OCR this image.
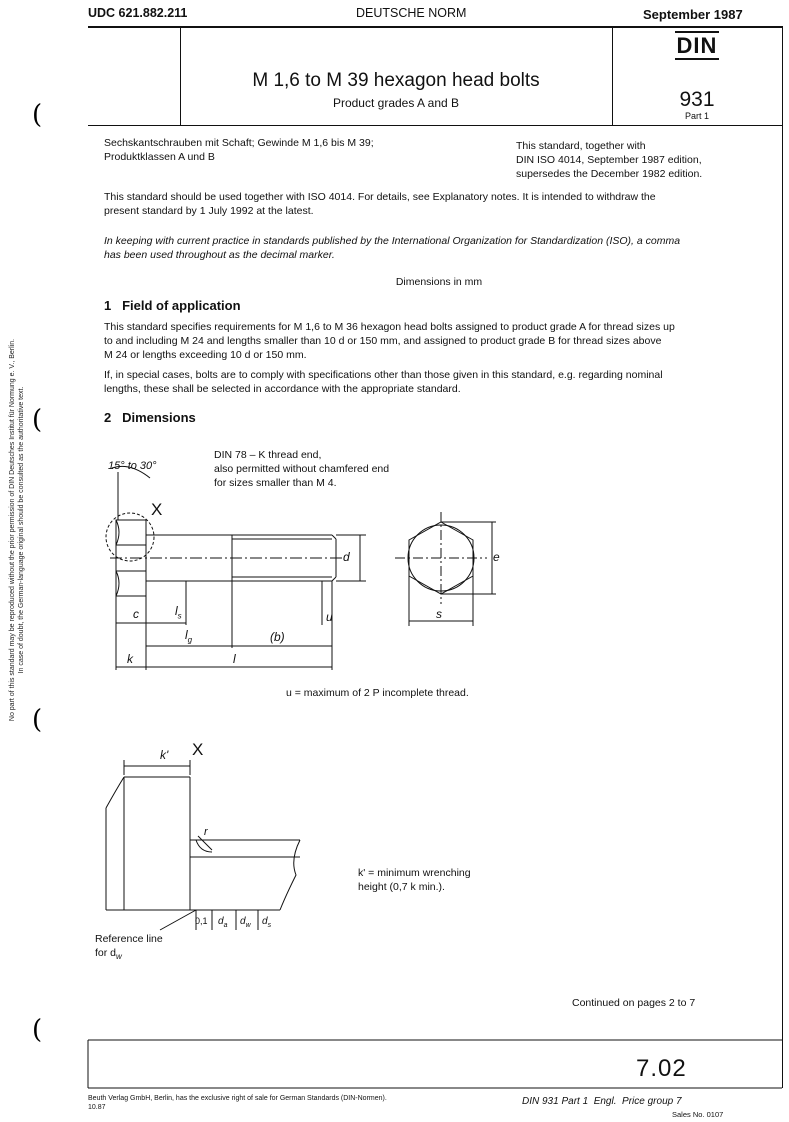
(
(
(
(
No part of this standard may be reproduced without the prior permission of DIN Deutsches Institut für Normung e. V., Berlin. In case of doubt, the German-language original should be consulted as the authoritative text.
UDC 621.882.211	DEUTSCHE NORM	September 1987
M 1,6 to M 39 hexagon head bolts
Product grades A and B
DIN
931
Part 1
Sechskantschrauben mit Schaft; Gewinde M 1,6 bis M 39;
Produktklassen A und B
This standard, together with
DIN ISO 4014, September 1987 edition,
supersedes the December 1982 edition.
This standard should be used together with ISO 4014. For details, see Explanatory notes. It is intended to withdraw the
present standard by 1 July 1992 at the latest.
In keeping with current practice in standards published by the International Organization for Standardization (ISO), a comma
has been used throughout as the decimal marker.
Dimensions in mm
1 Field of application
This standard specifies requirements for M 1,6 to M 36 hexagon head bolts assigned to product grade A for thread sizes up
to and including M 24 and lengths smaller than 10 d or 150 mm, and assigned to product grade B for thread sizes above
M 24 or lengths exceeding 10 d or 150 mm.
If, in special cases, bolts are to comply with specifications other than those given in this standard, e.g. regarding nominal
lengths, these shall be selected in accordance with the appropriate standard.
2 Dimensions
DIN 78 – K thread end,
also permitted without chamfered end
for sizes smaller than M 4.
15° to 30°
X
d	e
s
c	$l_s$
$l_g$	(b)
u
k	l
u = maximum of 2 P incomplete thread.
X
k'
r
0,1 $d_a$ $d_w$ $d_s$
k' = minimum wrenching
height (0,7 k min.).
Reference line
for $d_w$
Continued on pages 2 to 7
7.02
Beuth Verlag GmbH, Berlin, has the exclusive right of sale for German Standards (DIN-Normen).
10.87
DIN 931 Part 1  Engl.  Price group 7
Sales No. 0107
